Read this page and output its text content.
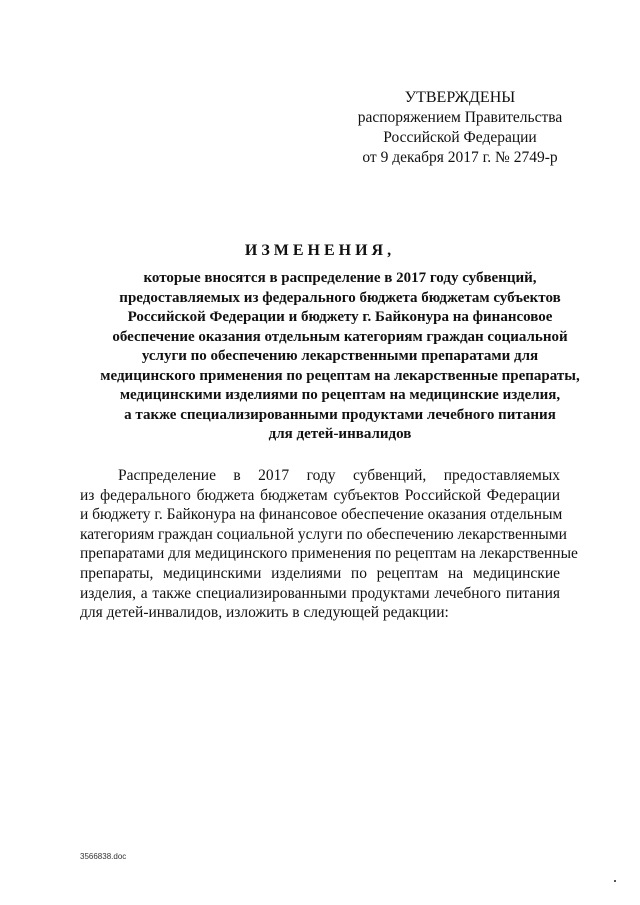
УТВЕРЖДЕНЫ
распоряжением Правительства
Российской Федерации
от 9 декабря 2017 г. № 2749-р
ИЗМЕНЕНИЯ,
которые вносятся в распределение в 2017 году субвенций,
предоставляемых из федерального бюджета бюджетам субъектов
Российской Федерации и бюджету г. Байконура на финансовое
обеспечение оказания отдельным категориям граждан социальной
услуги по обеспечению лекарственными препаратами для
медицинского применения по рецептам на лекарственные препараты,
медицинскими изделиями по рецептам на медицинские изделия,
а также специализированными продуктами лечебного питания
для детей-инвалидов
Распределение в 2017 году субвенций, предоставляемых
из федерального бюджета бюджетам субъектов Российской Федерации
и бюджету г. Байконура на финансовое обеспечение оказания отдельным
категориям граждан социальной услуги по обеспечению лекарственными
препаратами для медицинского применения по рецептам на лекарственные
препараты, медицинскими изделиями по рецептам на медицинские
изделия, а также специализированными продуктами лечебного питания
для детей-инвалидов, изложить в следующей редакции:
3566838.doc
